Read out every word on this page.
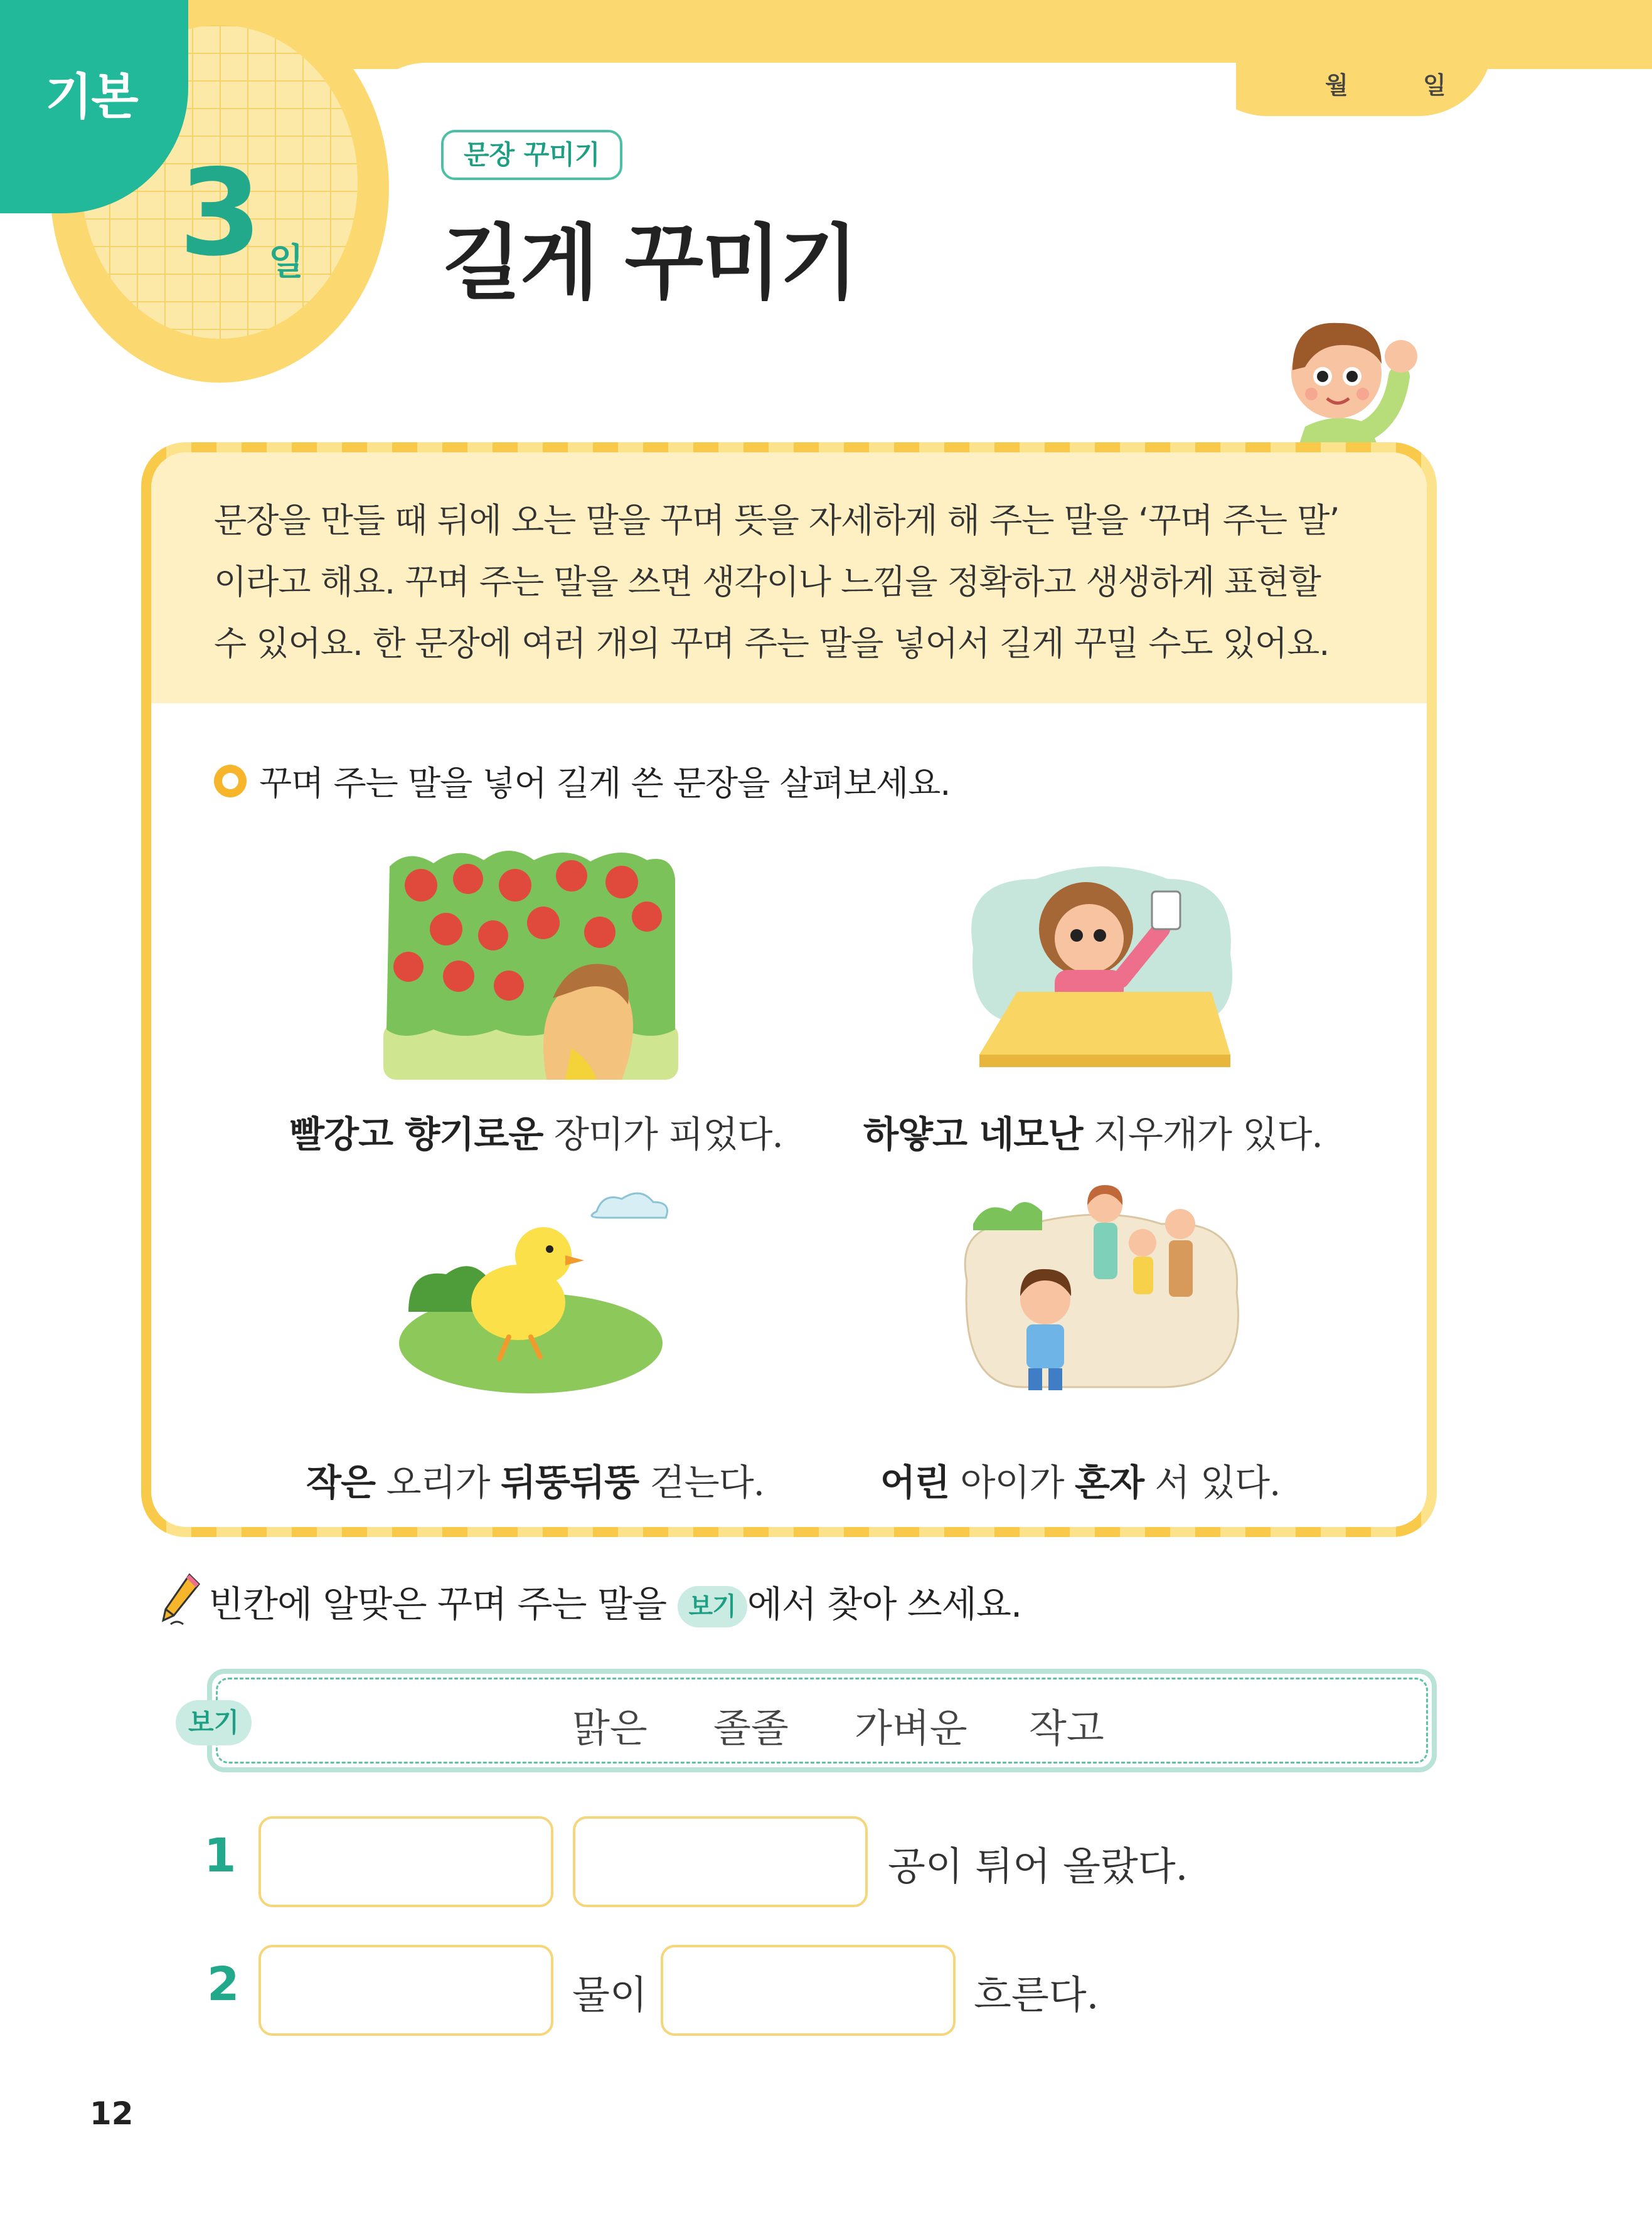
월	일
기본
3 일
문장 꾸미기
길게 꾸미기
문장을 만들 때 뒤에 오는 말을 꾸며 뜻을 자세하게 해 주는 말을 ‘꾸며 주는 말’
이라고 해요. 꾸며 주는 말을 쓰면 생각이나 느낌을 정확하고 생생하게 표현할
수 있어요. 한 문장에 여러 개의 꾸며 주는 말을 넣어서 길게 꾸밀 수도 있어요.
꾸며 주는 말을 넣어 길게 쓴 문장을 살펴보세요.
빨강고 향기로운 장미가 피었다. 하얗고 네모난 지우개가 있다.
작은 오리가 뒤뚱뒤뚱 걷는다.	어린 아이가 혼자 서 있다.
빈칸에 알맞은 꾸며 주는 말을 보기 에서 찾아 쓰세요.
보기	맑은 졸졸 가벼운 작고
1	공이 튀어 올랐다.
2	물이	흐른다.
12
